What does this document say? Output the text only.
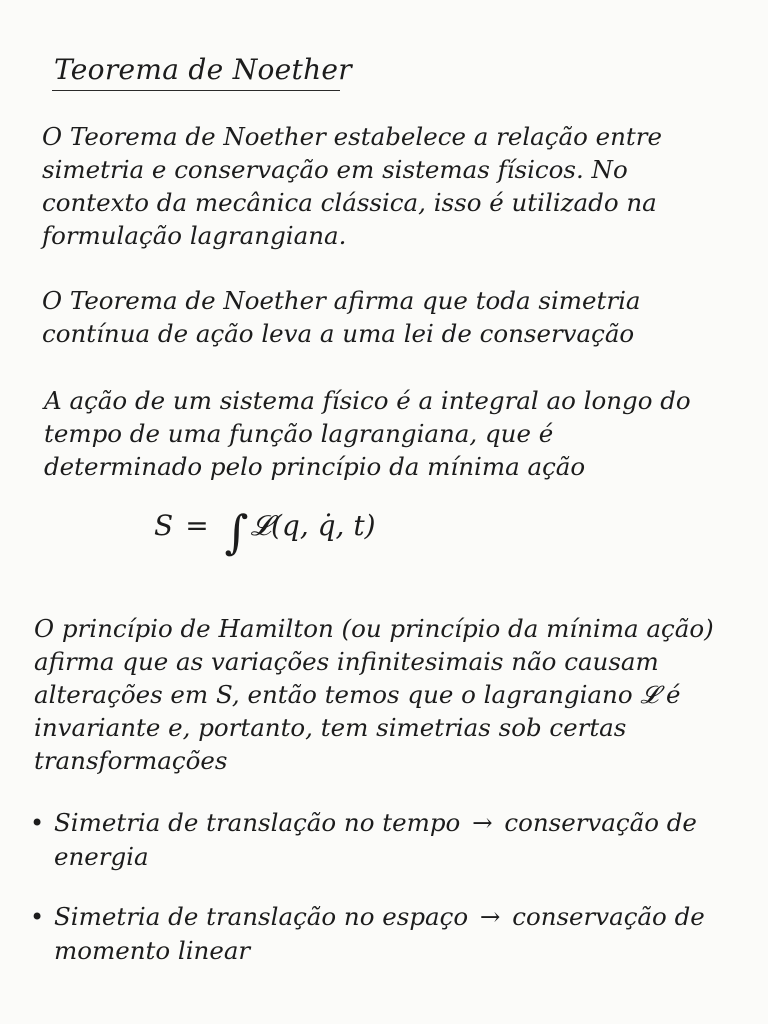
Teorema de Noether

O Teorema de Noether estabelece a relação entre simetria e conservação em sistemas físicos. No contexto da mecânica clássica, isso é utilizado na formulação lagrangiana.

O Teorema de Noether afirma que toda simetria contínua de ação leva a uma lei de conservação

A ação de um sistema físico é a integral ao longo do tempo de uma função lagrangiana, que é determinado pelo princípio da mínima ação

S = ∫ 𝓛(q, q̇, t)

O princípio de Hamilton (ou princípio da mínima ação) afirma que as variações infinitesimais não causam alterações em S, então temos que o lagrangiano 𝓛 é invariante e, portanto, tem simetrias sob certas transformações

• Simetria de translação no tempo → conservação de energia
• Simetria de translação no espaço → conservação de momento linear
